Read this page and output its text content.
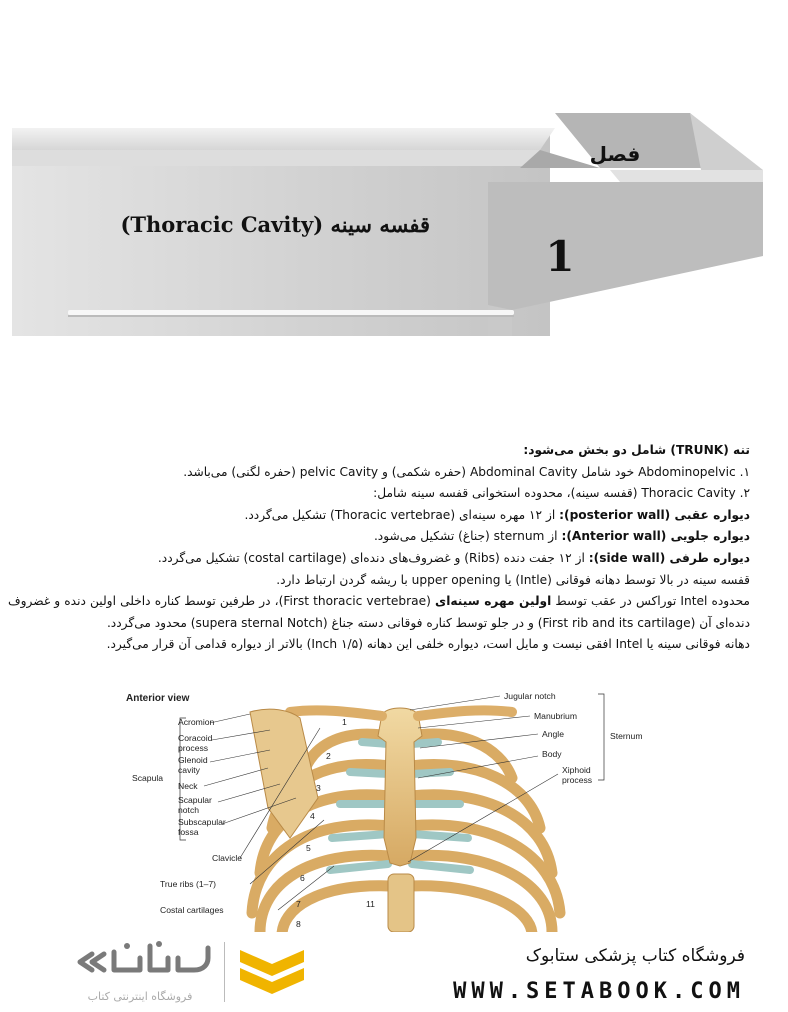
فصل
1
قفسه سینه (Thoracic Cavity)

تنه (TRUNK) شامل دو بخش می‌شود:

۱. Abdominopelvic خود شامل Abdominal Cavity (حفره شکمی) و pelvic Cavity (حفره لگنی) می‌باشد.

۲. Thoracic Cavity (قفسه سینه)، محدوده استخوانی قفسه سینه شامل:

دیواره عقبی (posterior wall): از ۱۲ مهره سینه‌ای (Thoracic vertebrae) تشکیل می‌گردد.

دیواره جلویی (Anterior wall): از sternum (جناغ) تشکیل می‌شود.

دیواره طرفی (side wall): از ۱۲ جفت دنده (Ribs) و غضروف‌های دنده‌ای (costal cartilage) تشکیل می‌گردد.

قفسه سینه در بالا توسط دهانه فوقانی (Intle) یا upper opening با ریشه گردن ارتباط دارد.

محدوده Intel توراکس در عقب توسط اولین مهره سینه‌ای (First thoracic vertebrae)، در طرفین توسط کناره داخلی اولین دنده و غضروف دنده‌ای آن (First rib and its cartilage) و در جلو توسط کناره فوقانی دسته جناغ (supera sternal Notch) محدود می‌گردد.

دهانه فوقانی سینه یا Intel افقی نیست و مایل است، دیواره خلفی این دهانه (۱/۵ Inch) بالاتر از دیواره قدامی آن قرار می‌گیرد.

Anterior view
Acromion
Coracoid
process
Glenoid
cavity
Neck
Scapular
notch
Subscapular
fossa
Scapula
Clavicle
True ribs (1–7)
Costal cartilages
Jugular notch
Manubrium
Angle
Body
Xiphoid
process
Sternum
1
2
3
4
5
6
7
8
11
فروشگاه اینترنتی کتاب
فروشگاه کتاب پزشکی ستابوک
WWW.SETABOOK.COM
